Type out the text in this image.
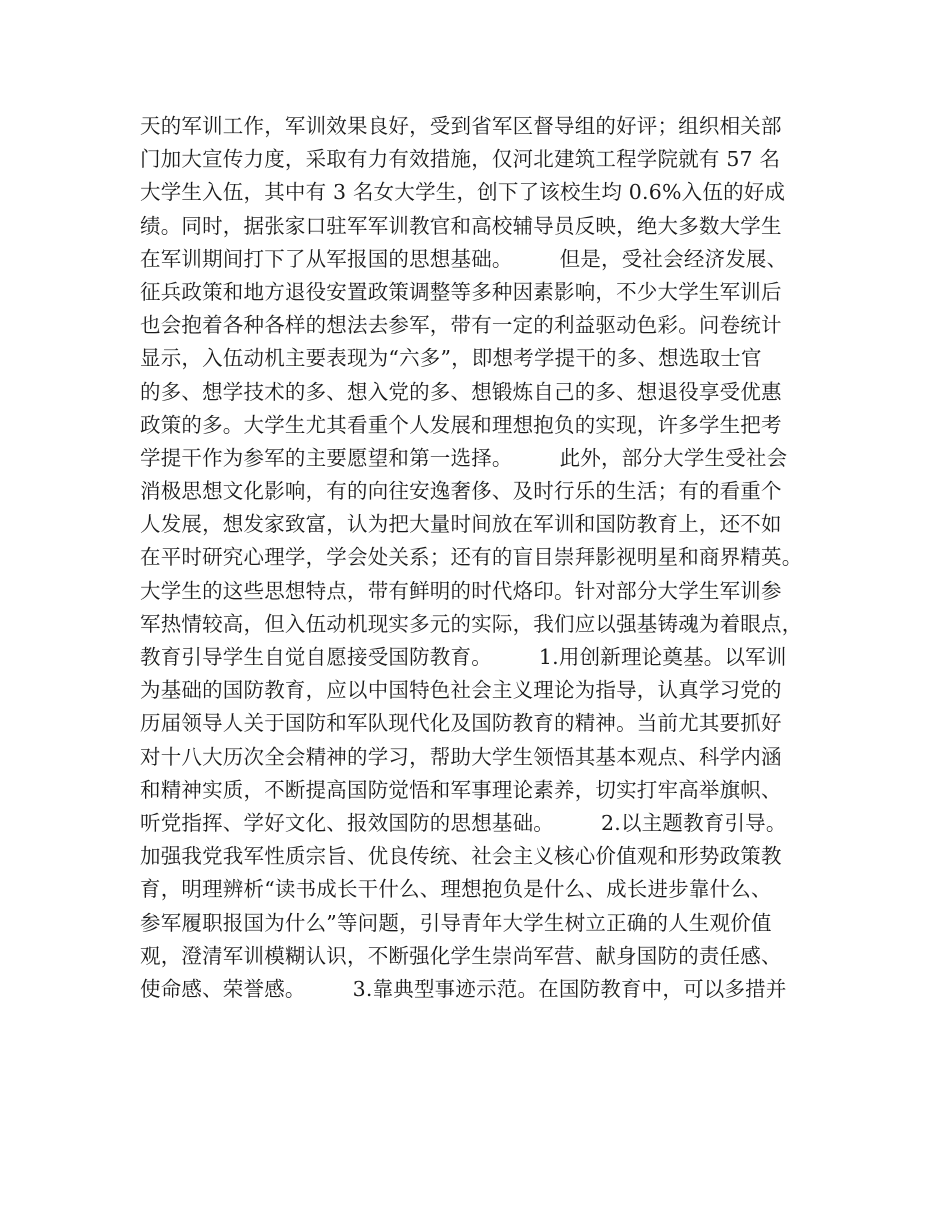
天的军训工作，军训效果良好，受到省军区督导组的好评；组织相关部
门加大宣传力度，采取有力有效措施，仅河北建筑工程学院就有 57 名
大学生入伍，其中有 3 名女大学生，创下了该校生均 0.6%入伍的好成
绩。同时，据张家口驻军军训教官和高校辅导员反映，绝大多数大学生
在军训期间打下了从军报国的思想基础。       但是，受社会经济发展、
征兵政策和地方退役安置政策调整等多种因素影响，不少大学生军训后
也会抱着各种各样的想法去参军，带有一定的利益驱动色彩。问卷统计
显示，入伍动机主要表现为“六多”，即想考学提干的多、想选取士官
的多、想学技术的多、想入党的多、想锻炼自己的多、想退役享受优惠
政策的多。大学生尤其看重个人发展和理想抱负的实现，许多学生把考
学提干作为参军的主要愿望和第一选择。       此外，部分大学生受社会
消极思想文化影响，有的向往安逸奢侈、及时行乐的生活；有的看重个
人发展，想发家致富，认为把大量时间放在军训和国防教育上，还不如
在平时研究心理学，学会处关系；还有的盲目崇拜影视明星和商界精英。
大学生的这些思想特点，带有鲜明的时代烙印。针对部分大学生军训参
军热情较高，但入伍动机现实多元的实际，我们应以强基铸魂为着眼点，
教育引导学生自觉自愿接受国防教育。       1.用创新理论奠基。以军训
为基础的国防教育，应以中国特色社会主义理论为指导，认真学习党的
历届领导人关于国防和军队现代化及国防教育的精神。当前尤其要抓好
对十八大历次全会精神的学习，帮助大学生领悟其基本观点、科学内涵
和精神实质，不断提高国防觉悟和军事理论素养，切实打牢高举旗帜、
听党指挥、学好文化、报效国防的思想基础。       2.以主题教育引导。
加强我党我军性质宗旨、优良传统、社会主义核心价值观和形势政策教
育，明理辨析“读书成长干什么、理想抱负是什么、成长进步靠什么、
参军履职报国为什么”等问题，引导青年大学生树立正确的人生观价值
观，澄清军训模糊认识，不断强化学生崇尚军营、献身国防的责任感、
使命感、荣誉感。       3.靠典型事迹示范。在国防教育中，可以多措并
